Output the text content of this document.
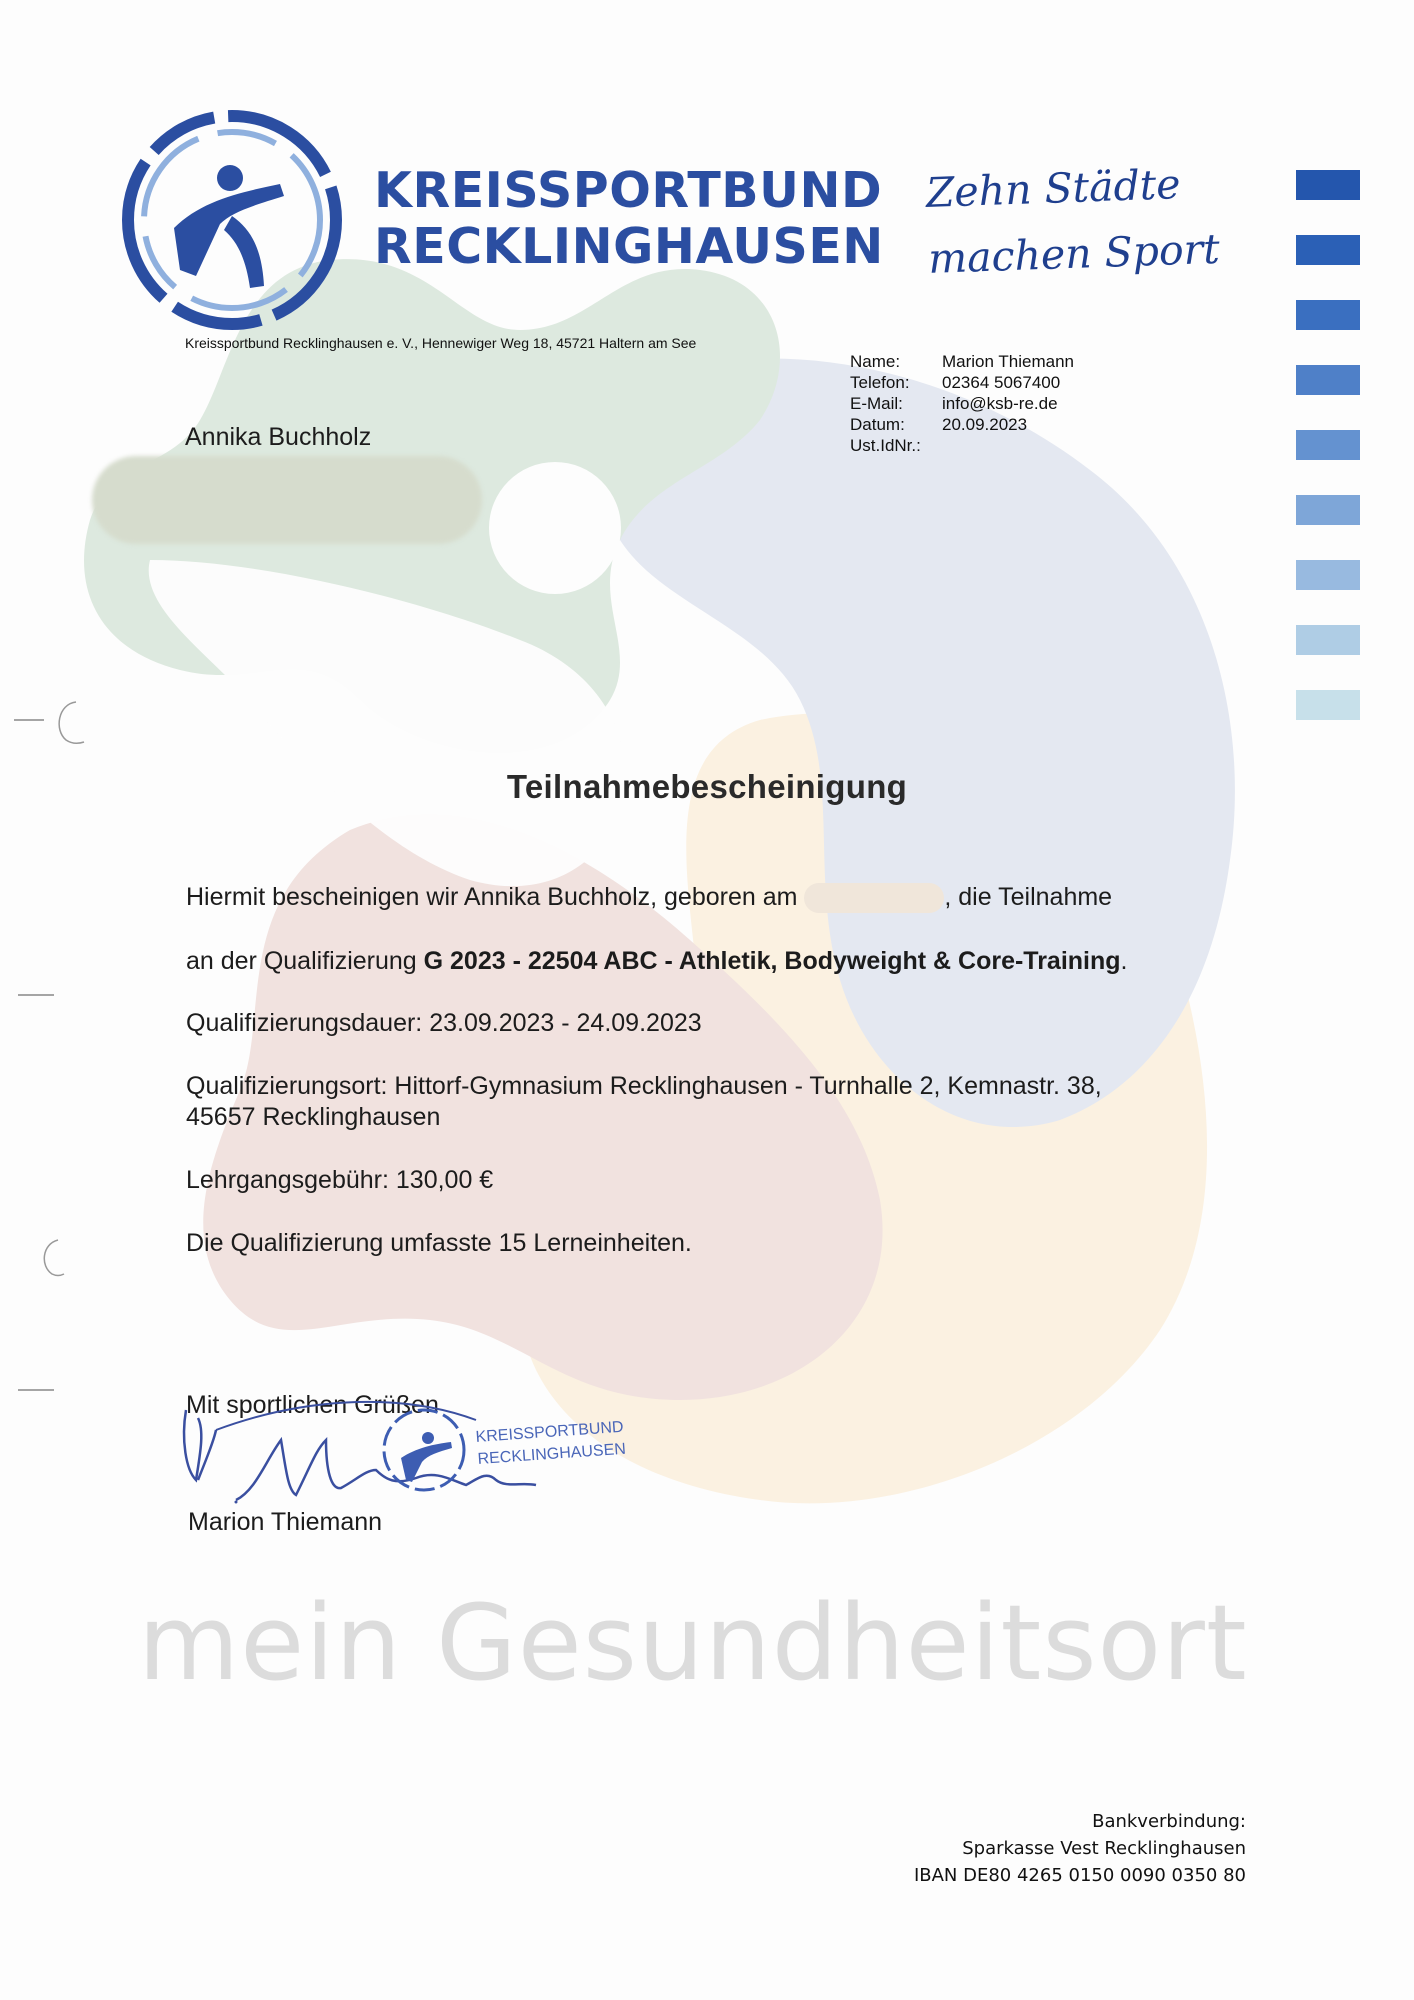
KREISSPORTBUND
RECKLINGHAUSEN
Zehn Städte
machen Sport
Kreissportbund Recklinghausen e. V., Hennewiger Weg 18, 45721 Haltern am See
Annika Buchholz
Name:	Marion Thiemann
Telefon:	02364 5067400
E-Mail:	info@ksb-re.de
Datum:	20.09.2023
Ust.IdNr.:
Teilnahmebescheinigung
Hiermit bescheinigen wir Annika Buchholz, geboren am	, die Teilnahme
an der Qualifizierung G 2023 - 22504 ABC - Athletik, Bodyweight & Core-Training.
Qualifizierungsdauer: 23.09.2023 - 24.09.2023
Qualifizierungsort: Hittorf-Gymnasium Recklinghausen - Turnhalle 2, Kemnastr. 38,
45657 Recklinghausen
Lehrgangsgebühr: 130,00 €
Die Qualifizierung umfasste 15 Lerneinheiten.
Mit sportlichen Grüßen
KREISSPORTBUND
RECKLINGHAUSEN
Marion Thiemann
mein Gesundheitsort
Bankverbindung:
Sparkasse Vest Recklinghausen
IBAN DE80 4265 0150 0090 0350 80
